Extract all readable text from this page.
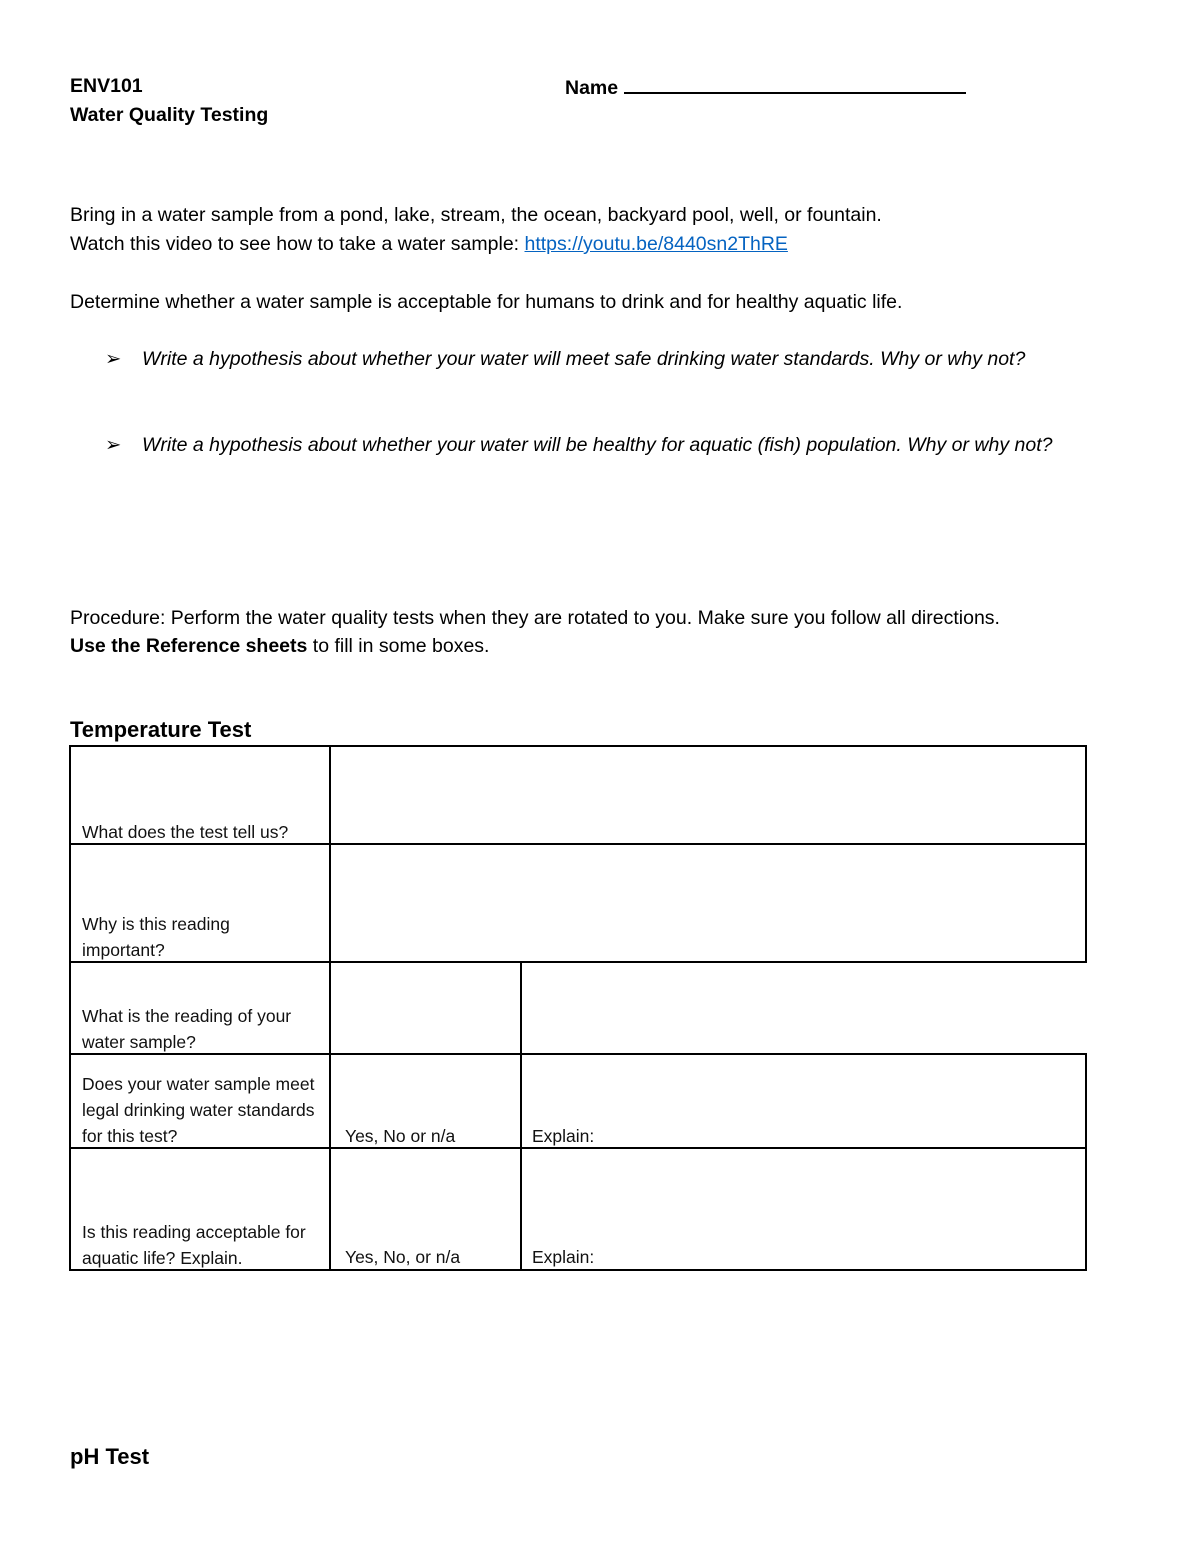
ENV101
Water Quality Testing
Name
Bring in a water sample from a pond, lake, stream, the ocean, backyard pool, well, or fountain.
Watch this video to see how to take a water sample: https://youtu.be/8440sn2ThRE
Determine whether a water sample is acceptable for humans to drink and for healthy aquatic life.
➢ Write a hypothesis about whether your water will meet safe drinking water standards. Why or why not?
➢ Write a hypothesis about whether your water will be healthy for aquatic (fish) population. Why or why not?
Procedure: Perform the water quality tests when they are rotated to you. Make sure you follow all directions.
Use the Reference sheets to fill in some boxes.
Temperature Test
What does the test tell us?
Why is this reading important?
What is the reading of your water sample?
Does your water sample meet legal drinking water standards for this test?	Yes, No or n/a	Explain:
Is this reading acceptable for aquatic life? Explain.	Yes, No, or n/a	Explain:
pH Test
